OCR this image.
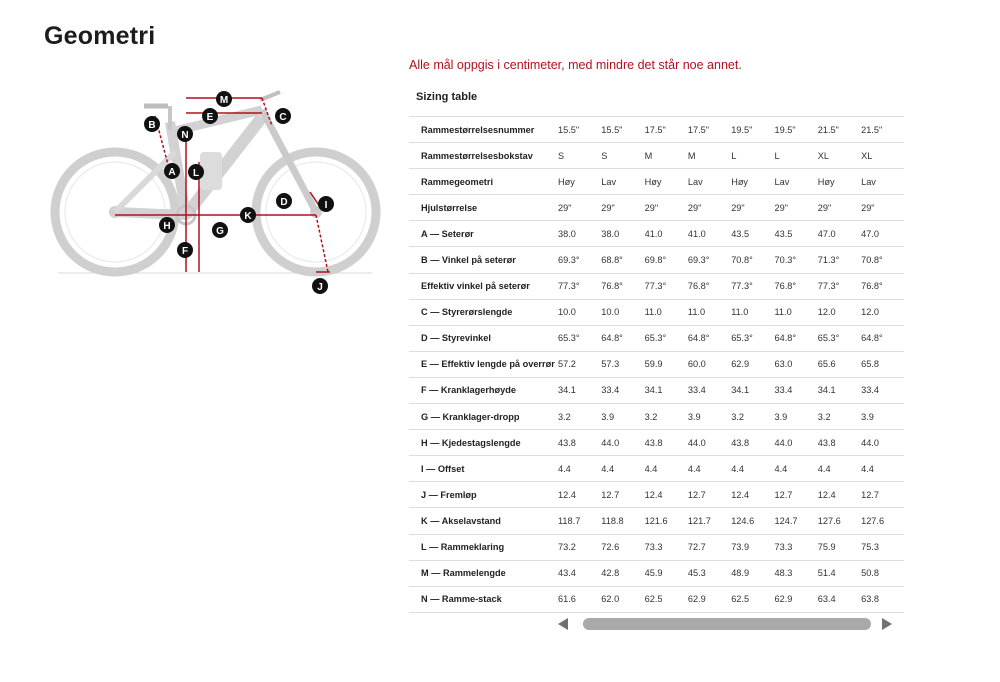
Geometri
M
E	C
B
N
A L
K
D	I
H	G
F
J
Alle mål oppgis i centimeter, med mindre det står noe annet.
Sizing table
Rammestørrelsesnummer	15.5"	15.5"	17.5"	17.5"	19.5"	19.5"	21.5"	21.5"
Rammestørrelsesbokstav	S	S	M	M	L	L	XL	XL
Rammegeometri	Høy	Lav	Høy	Lav	Høy	Lav	Høy	Lav
Hjulstørrelse	29"	29"	29"	29"	29"	29"	29"	29"
A — Seterør	38.0	38.0	41.0	41.0	43.5	43.5	47.0	47.0
B — Vinkel på seterør	69.3°	68.8°	69.8°	69.3°	70.8°	70.3°	71.3°	70.8°
Effektiv vinkel på seterør	77.3°	76.8°	77.3°	76.8°	77.3°	76.8°	77.3°	76.8°
C — Styrerørslengde	10.0	10.0	11.0	11.0	11.0	11.0	12.0	12.0
D — Styrevinkel	65.3°	64.8°	65.3°	64.8°	65.3°	64.8°	65.3°	64.8°
E — Effektiv lengde på overrør	57.2	57.3	59.9	60.0	62.9	63.0	65.6	65.8
F — Kranklagerhøyde	34.1	33.4	34.1	33.4	34.1	33.4	34.1	33.4
G — Kranklager-dropp	3.2	3.9	3.2	3.9	3.2	3.9	3.2	3.9
H — Kjedestagslengde	43.8	44.0	43.8	44.0	43.8	44.0	43.8	44.0
I — Offset	4.4	4.4	4.4	4.4	4.4	4.4	4.4	4.4
J — Fremløp	12.4	12.7	12.4	12.7	12.4	12.7	12.4	12.7
K — Akselavstand	118.7	118.8	121.6	121.7	124.6	124.7	127.6	127.6
L — Rammeklaring	73.2	72.6	73.3	72.7	73.9	73.3	75.9	75.3
M — Rammelengde	43.4	42.8	45.9	45.3	48.9	48.3	51.4	50.8
N — Ramme-stack	61.6	62.0	62.5	62.9	62.5	62.9	63.4	63.8
